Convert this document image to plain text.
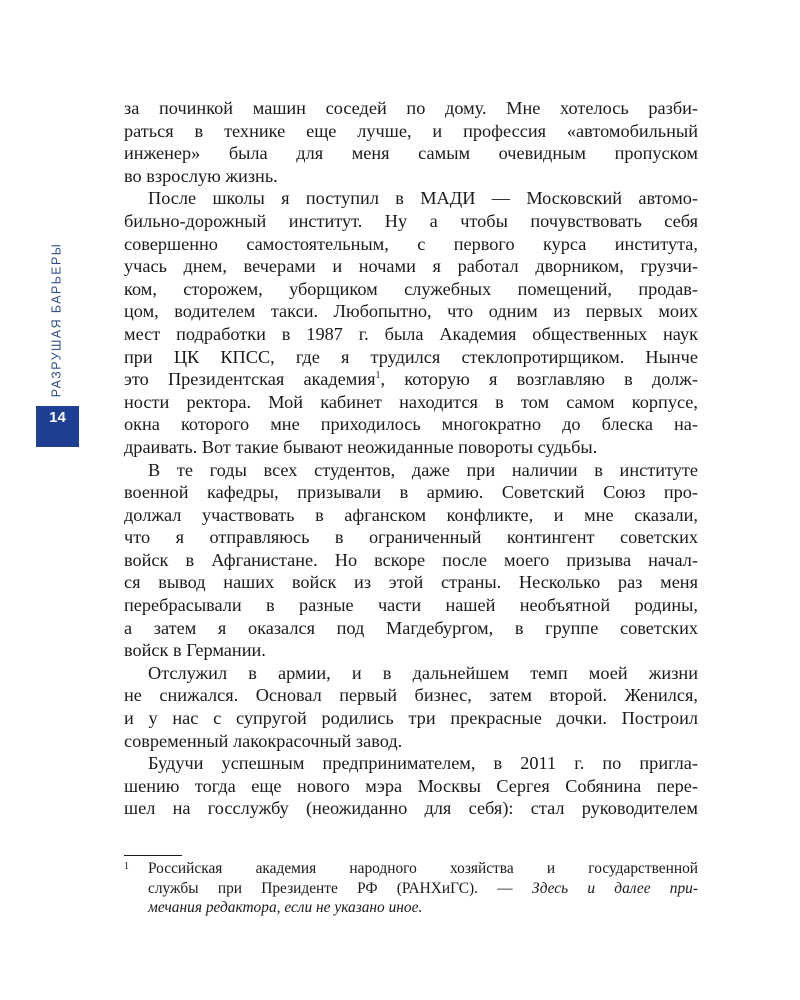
РАЗРУШАЯ БАРЬЕРЫ
14
за починкой машин соседей по дому. Мне хотелось разби-
раться в технике еще лучше, и профессия «автомобильный
инженер» была для меня самым очевидным пропуском
во взрослую жизнь.
После школы я поступил в МАДИ — Московский автомо-
бильно-дорожный институт. Ну а чтобы почувствовать себя
совершенно самостоятельным, с первого курса института,
учась днем, вечерами и ночами я работал дворником, грузчи-
ком, сторожем, уборщиком служебных помещений, продав-
цом, водителем такси. Любопытно, что одним из первых моих
мест подработки в 1987 г. была Академия общественных наук
при ЦК КПСС, где я трудился стеклопротирщиком. Нынче
это Президентская академия$^1$, которую я возглавляю в долж-
ности ректора. Мой кабинет находится в том самом корпусе,
окна которого мне приходилось многократно до блеска на-
драивать. Вот такие бывают неожиданные повороты судьбы.
В те годы всех студентов, даже при наличии в институте
военной кафедры, призывали в армию. Советский Союз про-
должал участвовать в афганском конфликте, и мне сказали,
что я отправляюсь в ограниченный контингент советских
войск в Афганистане. Но вскоре после моего призыва начал-
ся вывод наших войск из этой страны. Несколько раз меня
перебрасывали в разные части нашей необъятной родины,
а затем я оказался под Магдебургом, в группе советских
войск в Германии.
Отслужил в армии, и в дальнейшем темп моей жизни
не снижался. Основал первый бизнес, затем второй. Женился,
и у нас с супругой родились три прекрасные дочки. Построил
современный лакокрасочный завод.
Будучи успешным предпринимателем, в 2011 г. по пригла-
шению тогда еще нового мэра Москвы Сергея Собянина пере-
шел на госслужбу (неожиданно для себя): стал руководителем
1 Российская академия народного хозяйства и государственной
службы при Президенте РФ (РАНХиГС). — Здесь и далее при-
мечания редактора, если не указано иное.
